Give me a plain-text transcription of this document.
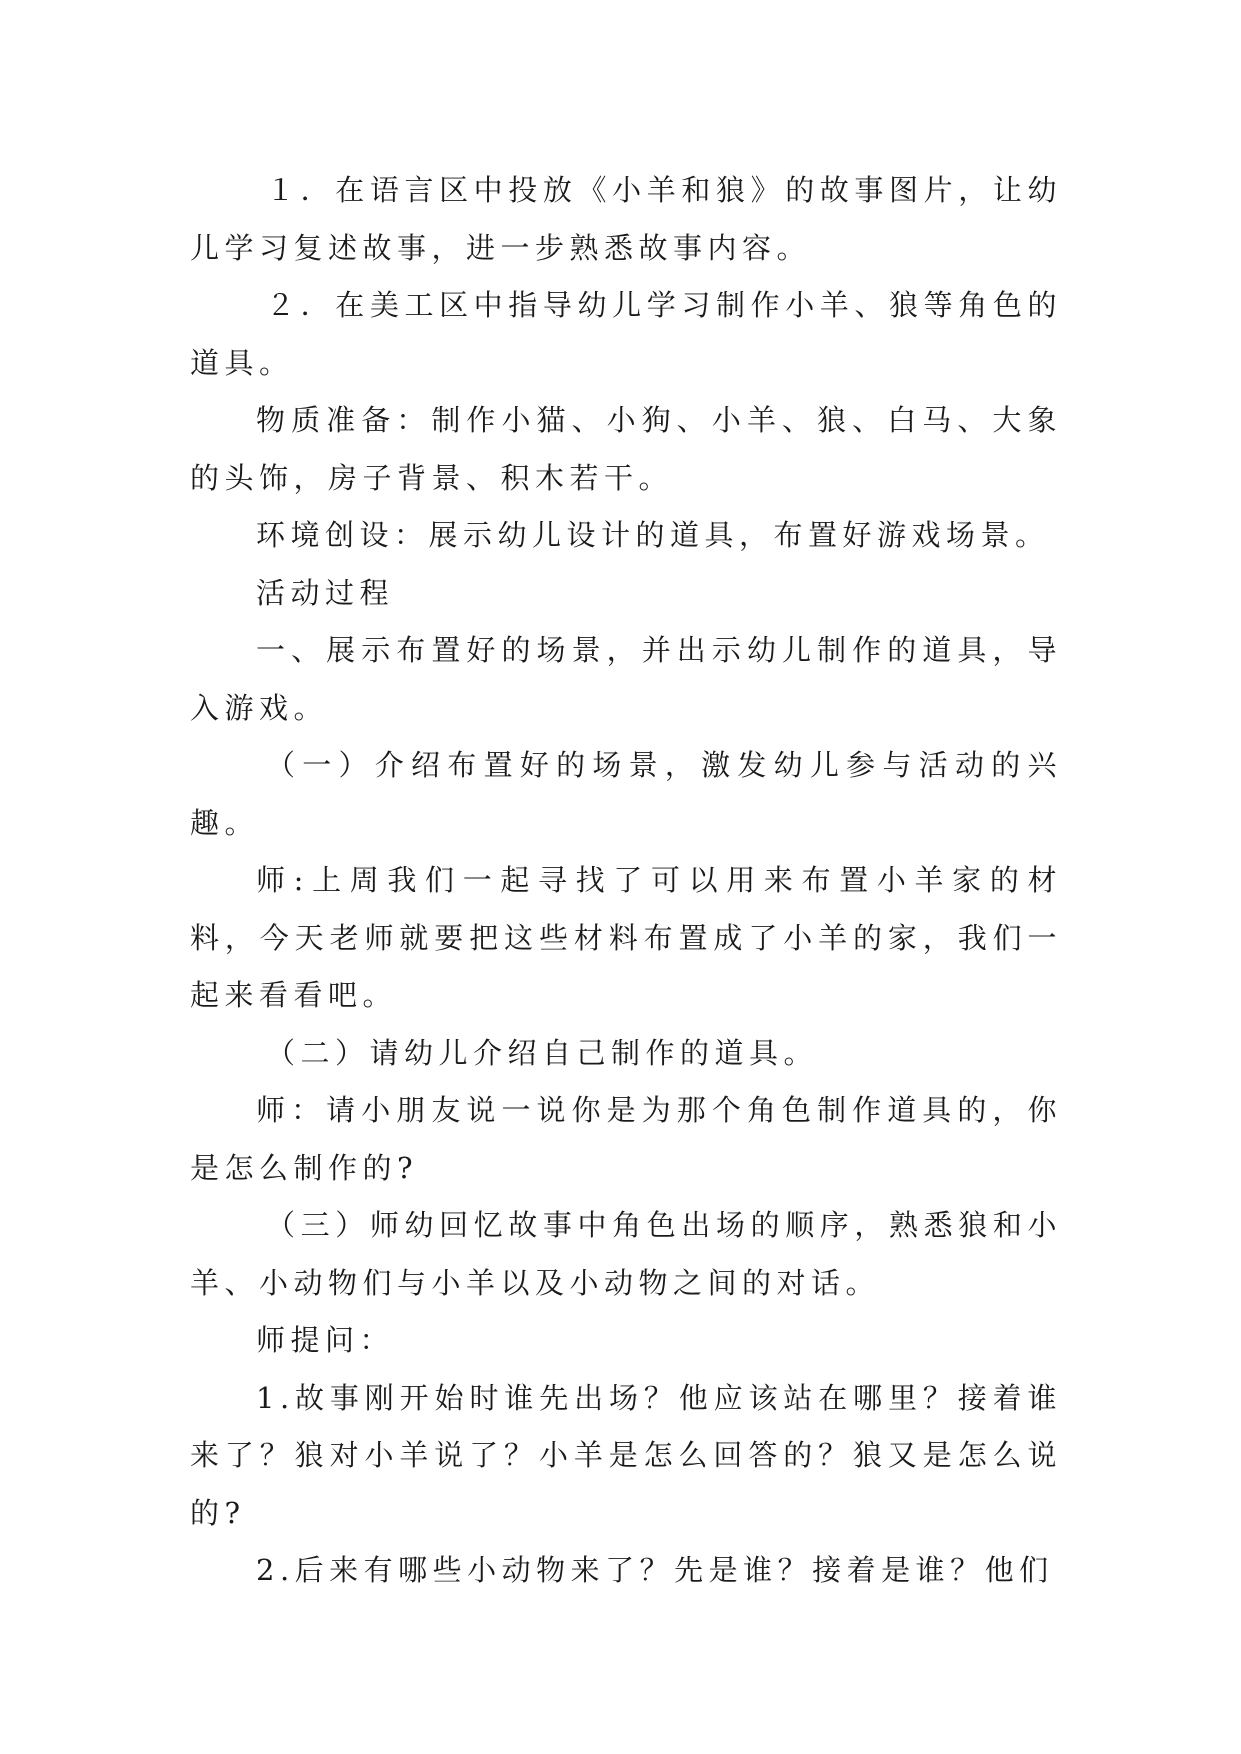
１．在语言区中投放《小羊和狼》的故事图片，让幼儿学习复述故事，进一步熟悉故事内容。

２．在美工区中指导幼儿学习制作小羊、狼等角色的道具。

物质准备：制作小猫、小狗、小羊、狼、白马、大象的头饰，房子背景、积木若干。

环境创设：展示幼儿设计的道具，布置好游戏场景。

活动过程

一、展示布置好的场景，并出示幼儿制作的道具，导入游戏。

（一）介绍布置好的场景，激发幼儿参与活动的兴趣。

师:上周我们一起寻找了可以用来布置小羊家的材料，今天老师就要把这些材料布置成了小羊的家，我们一起来看看吧。

（二）请幼儿介绍自己制作的道具。

师：请小朋友说一说你是为那个角色制作道具的，你是怎么制作的?

（三）师幼回忆故事中角色出场的顺序，熟悉狼和小羊、小动物们与小羊以及小动物之间的对话。

师提问：

1.故事刚开始时谁先出场？他应该站在哪里？接着谁来了？狼对小羊说了？小羊是怎么回答的？狼又是怎么说的?

2.后来有哪些小动物来了？先是谁？接着是谁？他们
